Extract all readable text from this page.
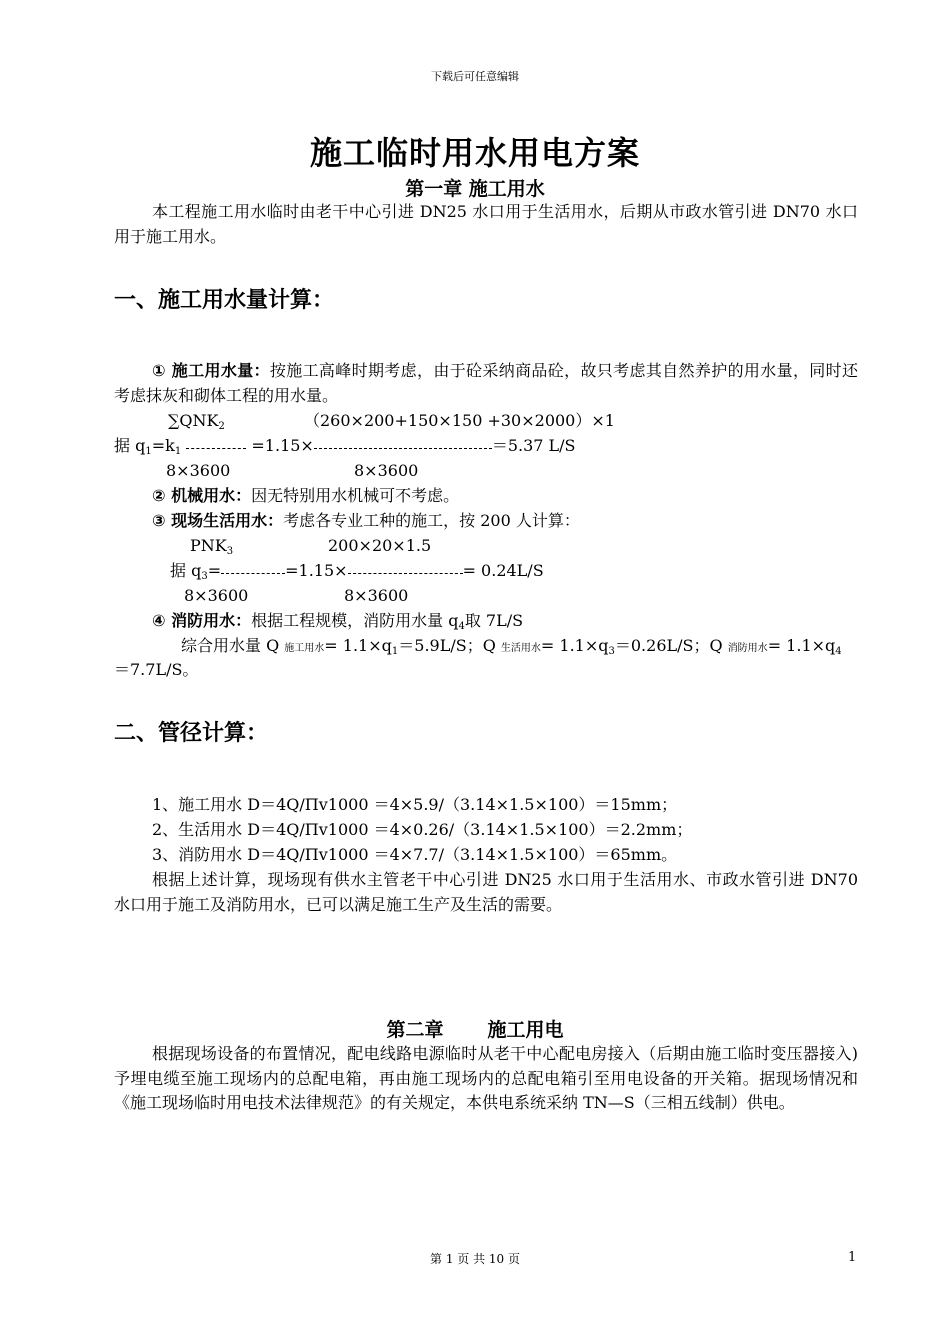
下载后可任意编辑
施工临时用水用电方案
第一章 施工用水
本工程施工用水临时由老干中心引进 DN25 水口用于生活用水，后期从市政水管引进 DN70 水口用于施工用水。
一、施工用水量计算：
① 施工用水量：按施工高峰时期考虑，由于砼采纳商品砼，故只考虑其自然养护的用水量，同时还考虑抹灰和砌体工程的用水量。
$\sum QNK_2$	（260×200+150×150 +30×2000）×1
据 $q_1=k_1$	=1.15×	＝5.37 L/S
8×3600	8×3600
② 机械用水：因无特别用水机械可不考虑。
③ 现场生活用水：考虑各专业工种的施工，按 200 人计算：
$PNK_3$	200×20×1.5
据 $q_3=$	=1.15×	= 0.24L/S
8×3600	8×3600
④ 消防用水：根据工程规模，消防用水量 $q_4$取 7L/S
综合用水量 Q 施工用水= $1.1\times q_1=5.9L/S$；Q 生活用水= $1.1\times q_3=0.26L/S$；Q 消防用水= $1.1\times q_4$
＝7.7L/S。
二、管径计算：
1、施工用水 D＝4Q/Πv1000 ＝4×5.9/（3.14×1.5×100）＝15mm；
2、生活用水 D＝4Q/Πv1000 ＝4×0.26/（3.14×1.5×100）＝2.2mm；
3、消防用水 D＝4Q/Πv1000 ＝4×7.7/（3.14×1.5×100）＝65mm。
根据上述计算，现场现有供水主管老干中心引进 DN25 水口用于生活用水、市政水管引进 DN70 水口用于施工及消防用水，已可以满足施工生产及生活的需要。
第二章 施工用电
根据现场设备的布置情况，配电线路电源临时从老干中心配电房接入（后期由施工临时变压器接入)予埋电缆至施工现场内的总配电箱，再由施工现场内的总配电箱引至用电设备的开关箱。据现场情况和《施工现场临时用电技术法律规范》的有关规定，本供电系统采纳 TN—S（三相五线制）供电。
第 1 页 共 10 页	1
